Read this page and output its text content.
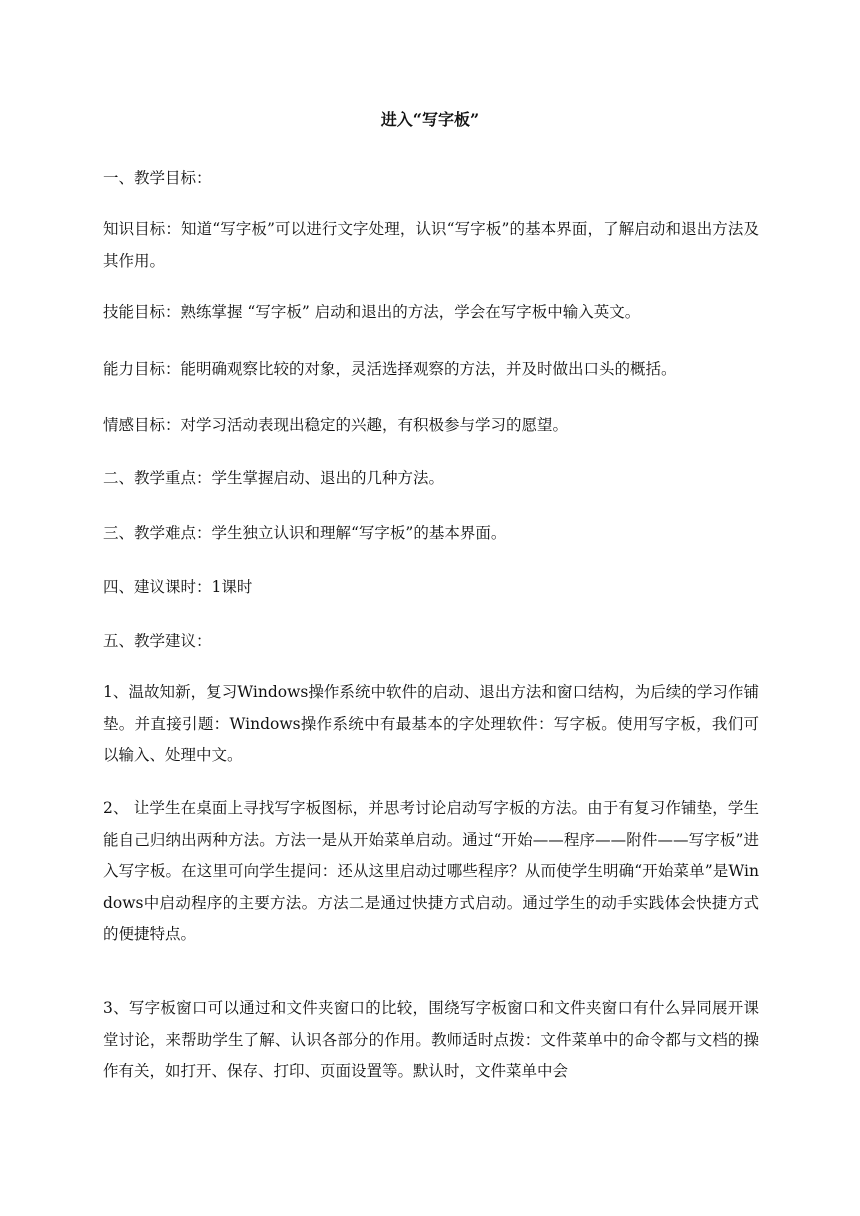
进入“写字板”

一、教学目标：

知识目标：知道“写字板”可以进行文字处理，认识“写字板”的基本界面，了解启动和退出方法及其作用。

技能目标：熟练掌握 “写字板” 启动和退出的方法，学会在写字板中输入英文。

能力目标：能明确观察比较的对象，灵活选择观察的方法，并及时做出口头的概括。

情感目标：对学习活动表现出稳定的兴趣，有积极参与学习的愿望。

二、教学重点：学生掌握启动、退出的几种方法。

三、教学难点：学生独立认识和理解“写字板”的基本界面。

四、建议课时：1课时

五、教学建议：

1、温故知新，复习Windows操作系统中软件的启动、退出方法和窗口结构，为后续的学习作铺垫。并直接引题：Windows操作系统中有最基本的字处理软件：写字板。使用写字板，我们可以输入、处理中文。

2、 让学生在桌面上寻找写字板图标，并思考讨论启动写字板的方法。由于有复习作铺垫，学生能自己归纳出两种方法。方法一是从开始菜单启动。通过“开始——程序——附件——写字板”进入写字板。在这里可向学生提问：还从这里启动过哪些程序？从而使学生明确“开始菜单”是Windows中启动程序的主要方法。方法二是通过快捷方式启动。通过学生的动手实践体会快捷方式的便捷特点。

3、写字板窗口可以通过和文件夹窗口的比较，围绕写字板窗口和文件夹窗口有什么异同展开课堂讨论，来帮助学生了解、认识各部分的作用。教师适时点拨：文件菜单中的命令都与文档的操作有关，如打开、保存、打印、页面设置等。默认时，文件菜单中会
